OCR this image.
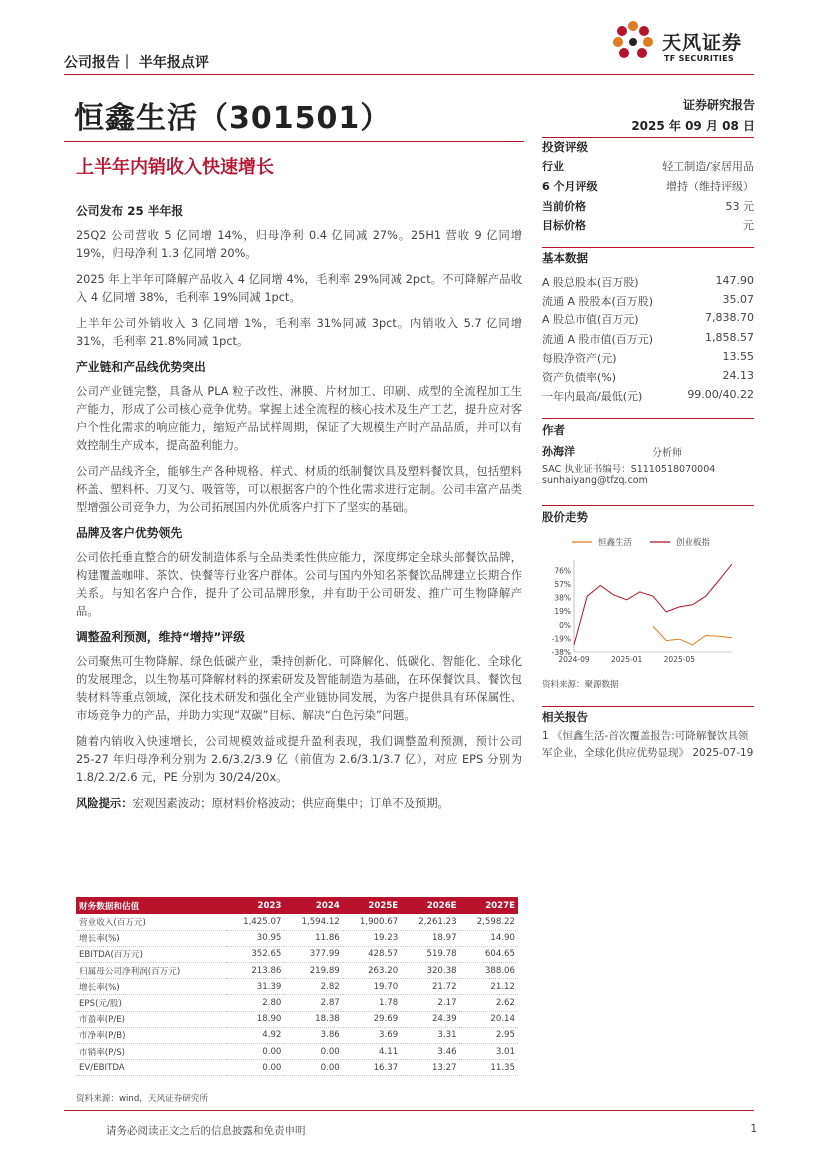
公司报告｜ 半年报点评
天风证券
TF SECURITIES
恒鑫生活（301501）
上半年内销收入快速增长
证券研究报告
2025 年 09 月 08 日
公司发布 25 半年报

25Q2 公司营收 5 亿同增 14%，归母净利 0.4 亿同减 27%。25H1 营收 9 亿同增 19%，归母净利 1.3 亿同增 20%。

2025 年上半年可降解产品收入 4 亿同增 4%，毛利率 29%同减 2pct。不可降解产品收入 4 亿同增 38%，毛利率 19%同减 1pct。

上半年公司外销收入 3 亿同增 1%，毛利率 31%同减 3pct。内销收入 5.7 亿同增 31%，毛利率 21.8%同减 1pct。

产业链和产品线优势突出

公司产业链完整，具备从 PLA 粒子改性、淋膜、片材加工、印刷、成型的全流程加工生产能力，形成了公司核心竞争优势。掌握上述全流程的核心技术及生产工艺，提升应对客户个性化需求的响应能力，缩短产品试样周期，保证了大规模生产时产品品质，并可以有效控制生产成本，提高盈利能力。

公司产品线齐全，能够生产各种规格、样式、材质的纸制餐饮具及塑料餐饮具，包括塑料杯盖、塑料杯、刀叉勺、吸管等，可以根据客户的个性化需求进行定制。公司丰富产品类型增强公司竞争力，为公司拓展国内外优质客户打下了坚实的基础。

品牌及客户优势领先

公司依托垂直整合的研发制造体系与全品类柔性供应能力，深度绑定全球头部餐饮品牌，构建覆盖咖啡、茶饮、快餐等行业客户群体。公司与国内外知名茶餐饮品牌建立长期合作关系。与知名客户合作，提升了公司品牌形象，并有助于公司研发、推广可生物降解产品。

调整盈利预测，维持“增持”评级

公司聚焦可生物降解、绿色低碳产业，秉持创新化、可降解化、低碳化、智能化、全球化的发展理念，以生物基可降解材料的探索研发及智能制造为基础，在环保餐饮具、餐饮包装材料等重点领域，深化技术研发和强化全产业链协同发展，为客户提供具有环保属性、市场竞争力的产品，并助力实现“双碳”目标、解决“白色污染”问题。

随着内销收入快速增长，公司规模效益或提升盈利表现，我们调整盈利预测，预计公司 25-27 年归母净利分别为 2.6/3.2/3.9 亿（前值为 2.6/3.1/3.7 亿），对应 EPS 分别为 1.8/2.2/2.6 元，PE 分别为 30/24/20x。

风险提示：宏观因素波动；原材料价格波动；供应商集中；订单不及预期。

投资评级
行业	轻工制造/家居用品
6 个月评级	增持（维持评级）
当前价格	53 元
目标价格	元
基本数据
A 股总股本(百万股)	147.90
流通 A 股股本(百万股)	35.07
A 股总市值(百万元)	7,838.70
流通 A 股市值(百万元)	1,858.57
每股净资产(元)	13.55
资产负债率(%)	24.13
一年内最高/最低(元)	99.00/40.22
作者
孙海洋	分析师
SAC 执业证书编号：S1110518070004
sunhaiyang@tfzq.com
股价走势
恒鑫生活	创业板指
76%
57%
38%
19%
0%
-19%
-38%
2024-09	2025-01	2025-05
资料来源：聚源数据
相关报告
1 《恒鑫生活-首次覆盖报告:可降解餐饮具领军企业，全球化供应优势显现》 2025-07-19
财务数据和估值	2023	2024	2025E	2026E	2027E
营业收入(百万元)	1,425.07	1,594.12	1,900.67	2,261.23	2,598.22
增长率(%)	30.95	11.86	19.23	18.97	14.90
EBITDA(百万元)	352.65	377.99	428.57	519.78	604.65
归属母公司净利润(百万元)	213.86	219.89	263.20	320.38	388.06
增长率(%)	31.39	2.82	19.70	21.72	21.12
EPS(元/股)	2.80	2.87	1.78	2.17	2.62
市盈率(P/E)	18.90	18.38	29.69	24.39	20.14
市净率(P/B)	4.92	3.86	3.69	3.31	2.95
市销率(P/S)	0.00	0.00	4.11	3.46	3.01
EV/EBITDA	0.00	0.00	16.37	13.27	11.35
资料来源：wind，天风证券研究所
请务必阅读正文之后的信息披露和免责申明	1
